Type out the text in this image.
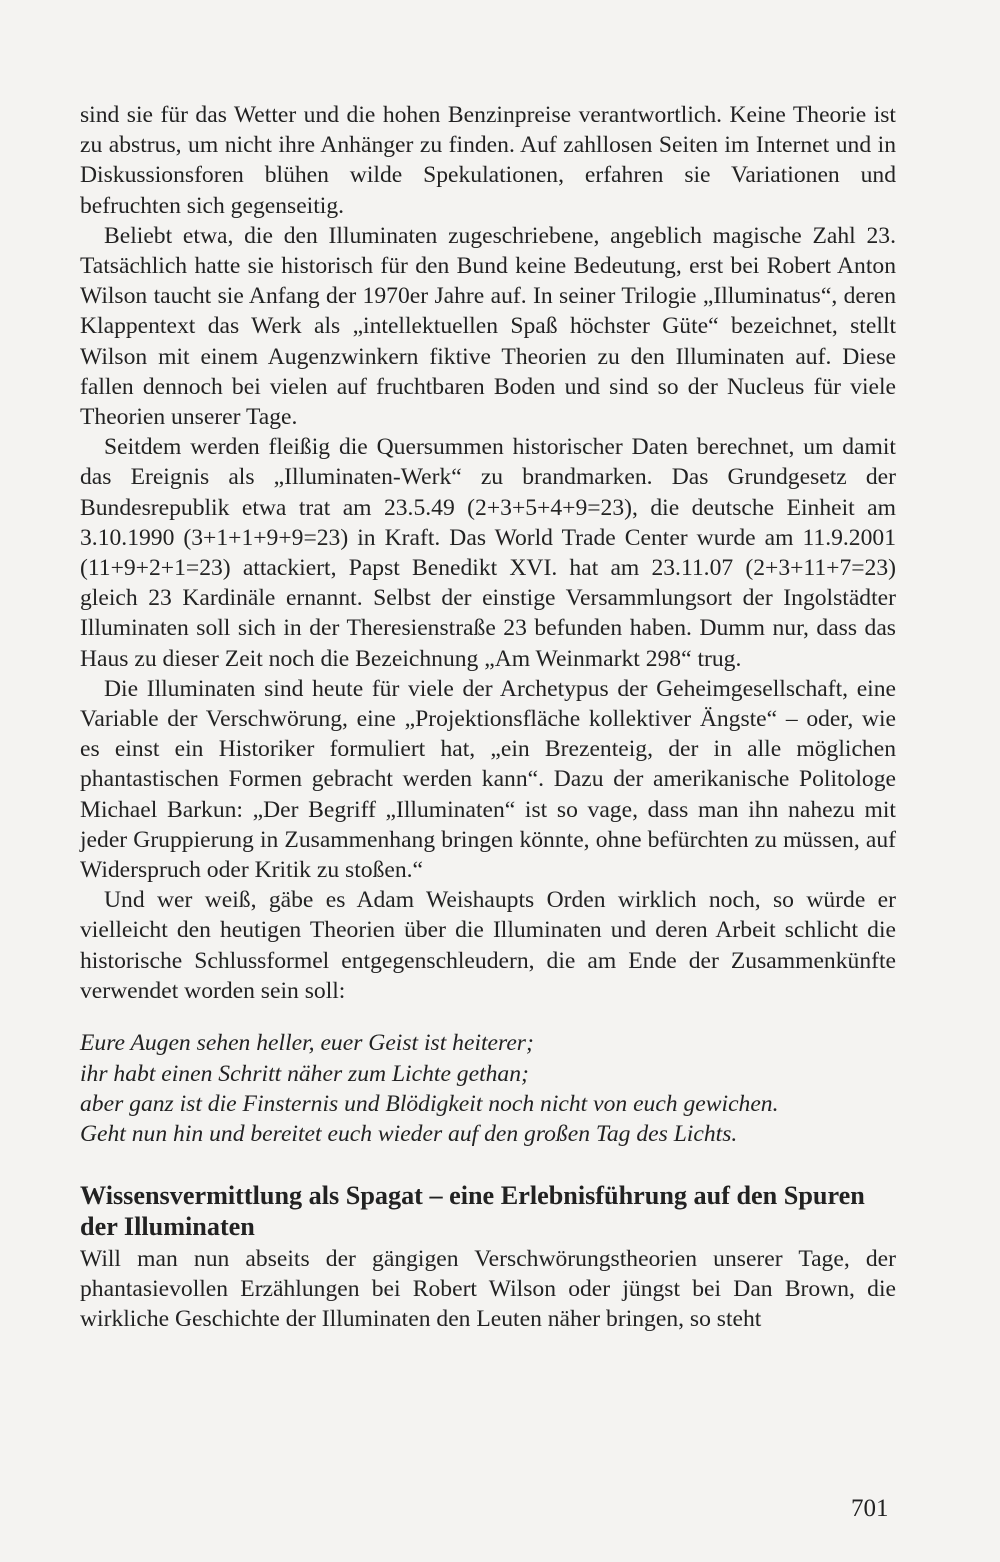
sind sie für das Wetter und die hohen Benzinpreise verantwortlich. Keine Theorie ist zu abstrus, um nicht ihre Anhänger zu finden. Auf zahllosen Seiten im Internet und in Diskussionsforen blühen wilde Spekulationen, erfahren sie Variationen und befruchten sich gegenseitig.

Beliebt etwa, die den Illuminaten zugeschriebene, angeblich magische Zahl 23. Tatsächlich hatte sie historisch für den Bund keine Bedeutung, erst bei Robert Anton Wilson taucht sie Anfang der 1970er Jahre auf. In seiner Trilogie „Illuminatus“, deren Klappentext das Werk als „intellektuellen Spaß höchster Güte“ bezeichnet, stellt Wilson mit einem Augenzwinkern fiktive Theorien zu den Illuminaten auf. Diese fallen dennoch bei vielen auf fruchtbaren Boden und sind so der Nucleus für viele Theorien unserer Tage.

Seitdem werden fleißig die Quersummen historischer Daten berechnet, um damit das Ereignis als „Illuminaten-Werk“ zu brandmarken. Das Grundgesetz der Bundesrepublik etwa trat am 23.5.49 (2+3+5+4+9=23), die deutsche Einheit am 3.10.1990 (3+1+1+9+9=23) in Kraft. Das World Trade Center wurde am 11.9.2001 (11+9+2+1=23) attackiert, Papst Benedikt XVI. hat am 23.11.07 (2+3+11+7=23) gleich 23 Kardinäle ernannt. Selbst der einstige Versammlungsort der Ingolstädter Illuminaten soll sich in der Theresienstraße 23 befunden haben. Dumm nur, dass das Haus zu dieser Zeit noch die Bezeichnung „Am Weinmarkt 298“ trug.

Die Illuminaten sind heute für viele der Archetypus der Geheimgesellschaft, eine Variable der Verschwörung, eine „Projektionsfläche kollektiver Ängste“ – oder, wie es einst ein Historiker formuliert hat, „ein Brezenteig, der in alle möglichen phantastischen Formen gebracht werden kann“. Dazu der amerikanische Politologe Michael Barkun: „Der Begriff „Illuminaten“ ist so vage, dass man ihn nahezu mit jeder Gruppierung in Zusammenhang bringen könnte, ohne befürchten zu müssen, auf Widerspruch oder Kritik zu stoßen.“

Und wer weiß, gäbe es Adam Weishaupts Orden wirklich noch, so würde er vielleicht den heutigen Theorien über die Illuminaten und deren Arbeit schlicht die historische Schlussformel entgegenschleudern, die am Ende der Zusammenkünfte verwendet worden sein soll:

Eure Augen sehen heller, euer Geist ist heiterer;
ihr habt einen Schritt näher zum Lichte gethan;
aber ganz ist die Finsternis und Blödigkeit noch nicht von euch gewichen.
Geht nun hin und bereitet euch wieder auf den großen Tag des Lichts.
Wissensvermittlung als Spagat – eine Erlebnisführung auf den Spuren der Illuminaten

Will man nun abseits der gängigen Verschwörungstheorien unserer Tage, der phantasievollen Erzählungen bei Robert Wilson oder jüngst bei Dan Brown, die wirkliche Geschichte der Illuminaten den Leuten näher bringen, so steht

701
